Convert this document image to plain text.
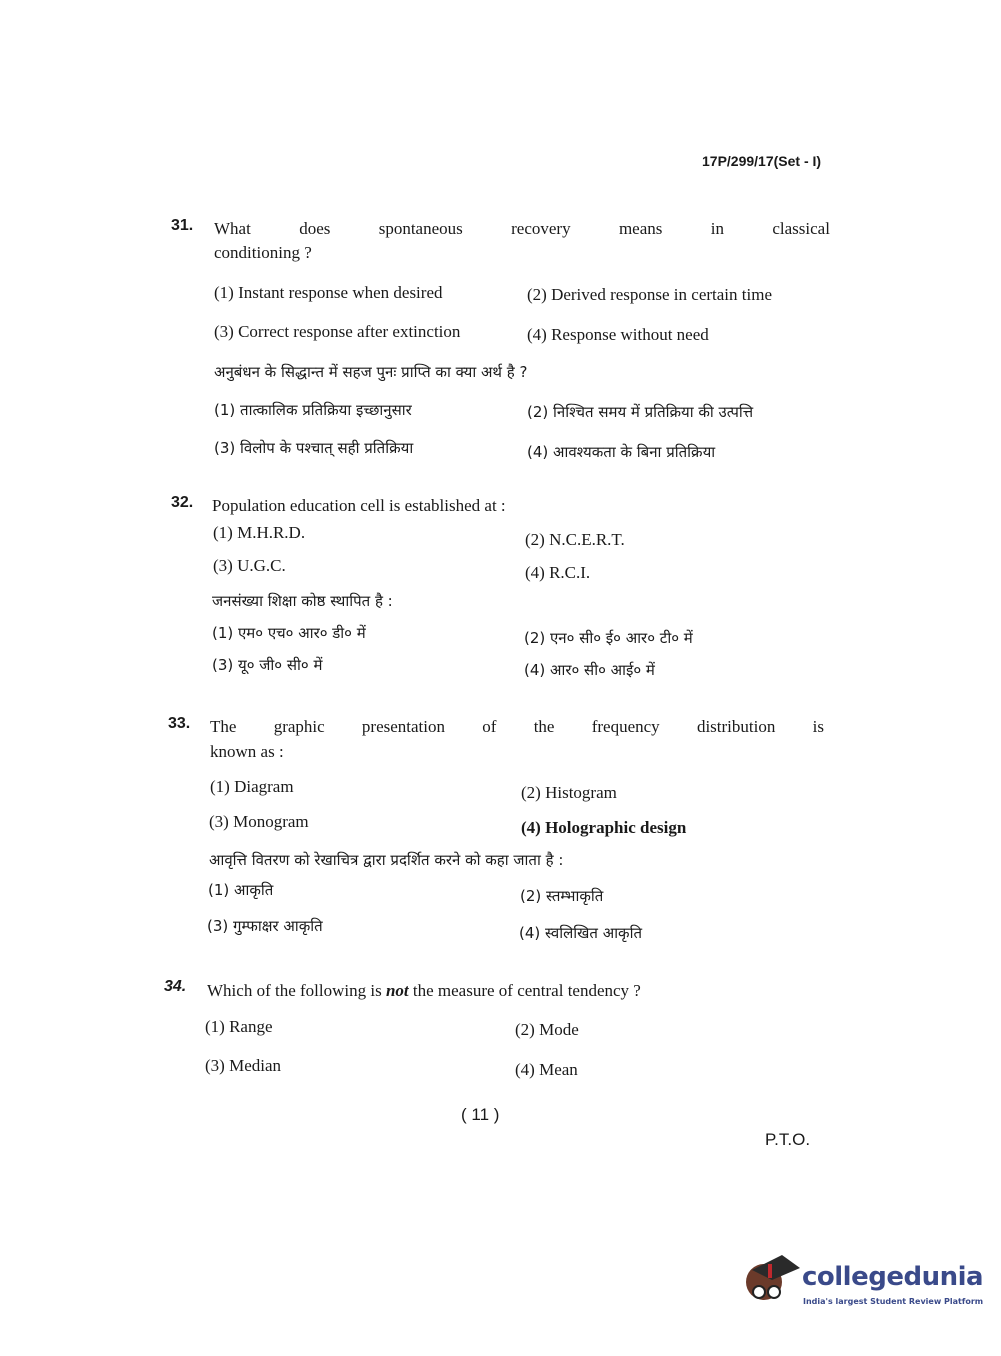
17P/299/17(Set - I)
31. What	does	spontaneous	recovery	means	in	classical
conditioning ?
(1) Instant response when desired	(2) Derived response in certain time
(3) Correct response after extinction	(4) Response without need
अनुबंधन के सिद्धान्त में सहज पुनः प्राप्ति का क्या अर्थ है ?
(1) तात्कालिक प्रतिक्रिया इच्छानुसार	(2) निश्चित समय में प्रतिक्रिया की उत्पत्ति
(3) विलोप के पश्चात् सही प्रतिक्रिया	(4) आवश्यकता के बिना प्रतिक्रिया
32. Population education cell is established at :
(1) M.H.R.D.	(2) N.C.E.R.T.
(3) U.G.C.	(4) R.C.I.
जनसंख्या शिक्षा कोष्ठ स्थापित है :
(1) एम० एच० आर० डी० में	(2) एन० सी० ई० आर० टी० में
(3) यू० जी० सी० में	(4) आर० सी० आई० में
33. The graphic presentation of the frequency distribution is
known as :
(1) Diagram	(2) Histogram
(3) Monogram	(4) Holographic design
आवृत्ति वितरण को रेखाचित्र द्वारा प्रदर्शित करने को कहा जाता है :
(1) आकृति	(2) स्तम्भाकृति
(3) गुम्फाक्षर आकृति	(4) स्वलिखित आकृति
34. Which of the following is not the measure of central tendency ?
(1) Range	(2) Mode
(3) Median	(4) Mean
( 11 )
P.T.O.
collegedunia
India's largest Student Review Platform
